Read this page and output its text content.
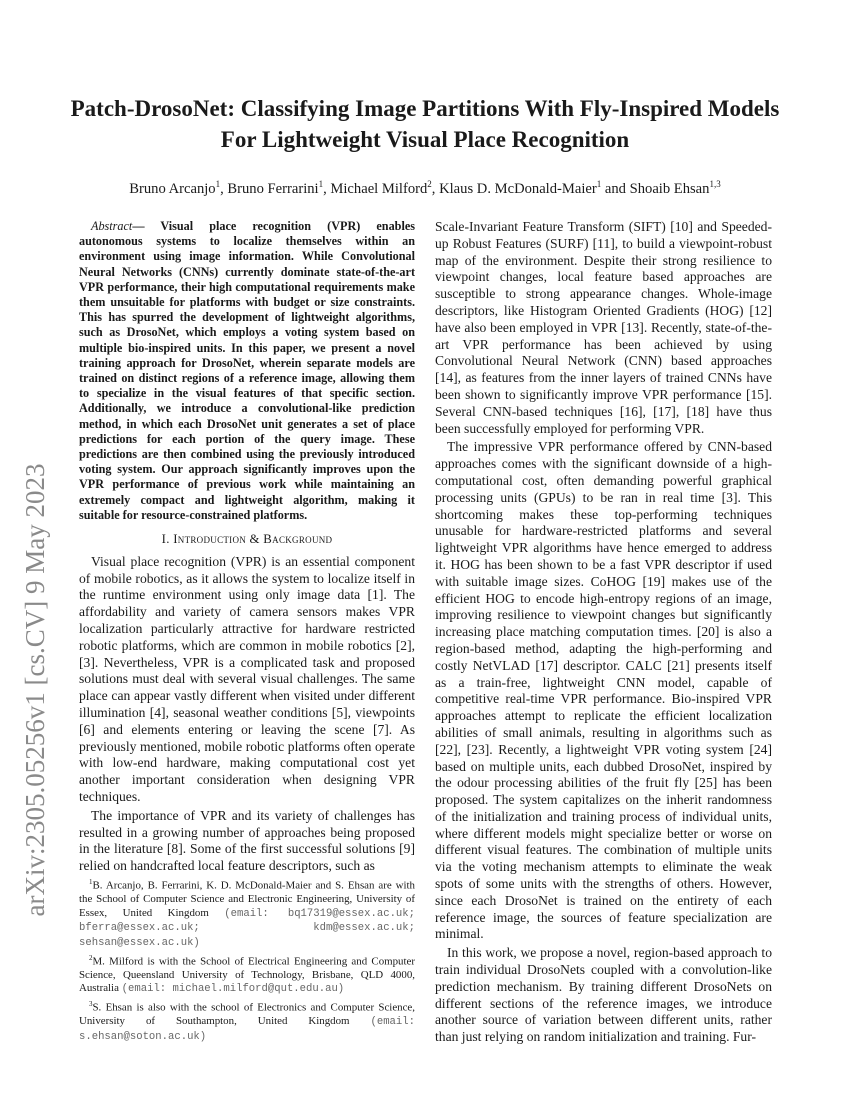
arXiv:2305.05256v1 [cs.CV] 9 May 2023
Patch-DrosoNet: Classifying Image Partitions With Fly-Inspired Models
For Lightweight Visual Place Recognition
Bruno Arcanjo$^1$, Bruno Ferrarini$^1$, Michael Milford$^2$, Klaus D. McDonald-Maier$^1$ and Shoaib Ehsan$^{1,3}$

Abstract— Visual place recognition (VPR) enables autonomous systems to localize themselves within an environment using image information. While Convolutional Neural Networks (CNNs) currently dominate state-of-the-art VPR performance, their high computational requirements make them unsuitable for platforms with budget or size constraints. This has spurred the development of lightweight algorithms, such as DrosoNet, which employs a voting system based on multiple bio-inspired units. In this paper, we present a novel training approach for DrosoNet, wherein separate models are trained on distinct regions of a reference image, allowing them to specialize in the visual features of that specific section. Additionally, we introduce a convolutional-like prediction method, in which each DrosoNet unit generates a set of place predictions for each portion of the query image. These predictions are then combined using the previously introduced voting system. Our approach significantly improves upon the VPR performance of previous work while maintaining an extremely compact and lightweight algorithm, making it suitable for resource-constrained platforms.

I. Introduction & Background

Visual place recognition (VPR) is an essential component of mobile robotics, as it allows the system to localize itself in the runtime environment using only image data [1]. The affordability and variety of camera sensors makes VPR localization particularly attractive for hardware restricted robotic platforms, which are common in mobile robotics [2], [3]. Nevertheless, VPR is a complicated task and proposed solutions must deal with several visual challenges. The same place can appear vastly different when visited under different illumination [4], seasonal weather conditions [5], viewpoints [6] and elements entering or leaving the scene [7]. As previously mentioned, mobile robotic platforms often operate with low-end hardware, making computational cost yet another important consideration when designing VPR techniques.

The importance of VPR and its variety of challenges has resulted in a growing number of approaches being proposed in the literature [8]. Some of the first successful solutions [9] relied on handcrafted local feature descriptors, such as

$^1$B. Arcanjo, B. Ferrarini, K. D. McDonald-Maier and S. Ehsan are with the School of Computer Science and Electronic Engineering, University of Essex, United Kingdom (email: bq17319@essex.ac.uk; bferra@essex.ac.uk; kdm@essex.ac.uk; sehsan@essex.ac.uk)

$^2$M. Milford is with the School of Electrical Engineering and Computer Science, Queensland University of Technology, Brisbane, QLD 4000, Australia (email: michael.milford@qut.edu.au)

$^3$S. Ehsan is also with the school of Electronics and Computer Science, University of Southampton, United Kingdom (email: s.ehsan@soton.ac.uk)

Scale-Invariant Feature Transform (SIFT) [10] and Speeded-up Robust Features (SURF) [11], to build a viewpoint-robust map of the environment. Despite their strong resilience to viewpoint changes, local feature based approaches are susceptible to strong appearance changes. Whole-image descriptors, like Histogram Oriented Gradients (HOG) [12] have also been employed in VPR [13]. Recently, state-of-the-art VPR performance has been achieved by using Convolutional Neural Network (CNN) based approaches [14], as features from the inner layers of trained CNNs have been shown to significantly improve VPR performance [15]. Several CNN-based techniques [16], [17], [18] have thus been successfully employed for performing VPR.

The impressive VPR performance offered by CNN-based approaches comes with the significant downside of a high-computational cost, often demanding powerful graphical processing units (GPUs) to be ran in real time [3]. This shortcoming makes these top-performing techniques unusable for hardware-restricted platforms and several lightweight VPR algorithms have hence emerged to address it. HOG has been shown to be a fast VPR descriptor if used with suitable image sizes. CoHOG [19] makes use of the efficient HOG to encode high-entropy regions of an image, improving resilience to viewpoint changes but significantly increasing place matching computation times. [20] is also a region-based method, adapting the high-performing and costly NetVLAD [17] descriptor. CALC [21] presents itself as a train-free, lightweight CNN model, capable of competitive real-time VPR performance. Bio-inspired VPR approaches attempt to replicate the efficient localization abilities of small animals, resulting in algorithms such as [22], [23]. Recently, a lightweight VPR voting system [24] based on multiple units, each dubbed DrosoNet, inspired by the odour processing abilities of the fruit fly [25] has been proposed. The system capitalizes on the inherit randomness of the initialization and training process of individual units, where different models might specialize better or worse on different visual features. The combination of multiple units via the voting mechanism attempts to eliminate the weak spots of some units with the strengths of others. However, since each DrosoNet is trained on the entirety of each reference image, the sources of feature specialization are minimal.

In this work, we propose a novel, region-based approach to train individual DrosoNets coupled with a convolution-like prediction mechanism. By training different DrosoNets on different sections of the reference images, we introduce another source of variation between different units, rather than just relying on random initialization and training. Fur-
